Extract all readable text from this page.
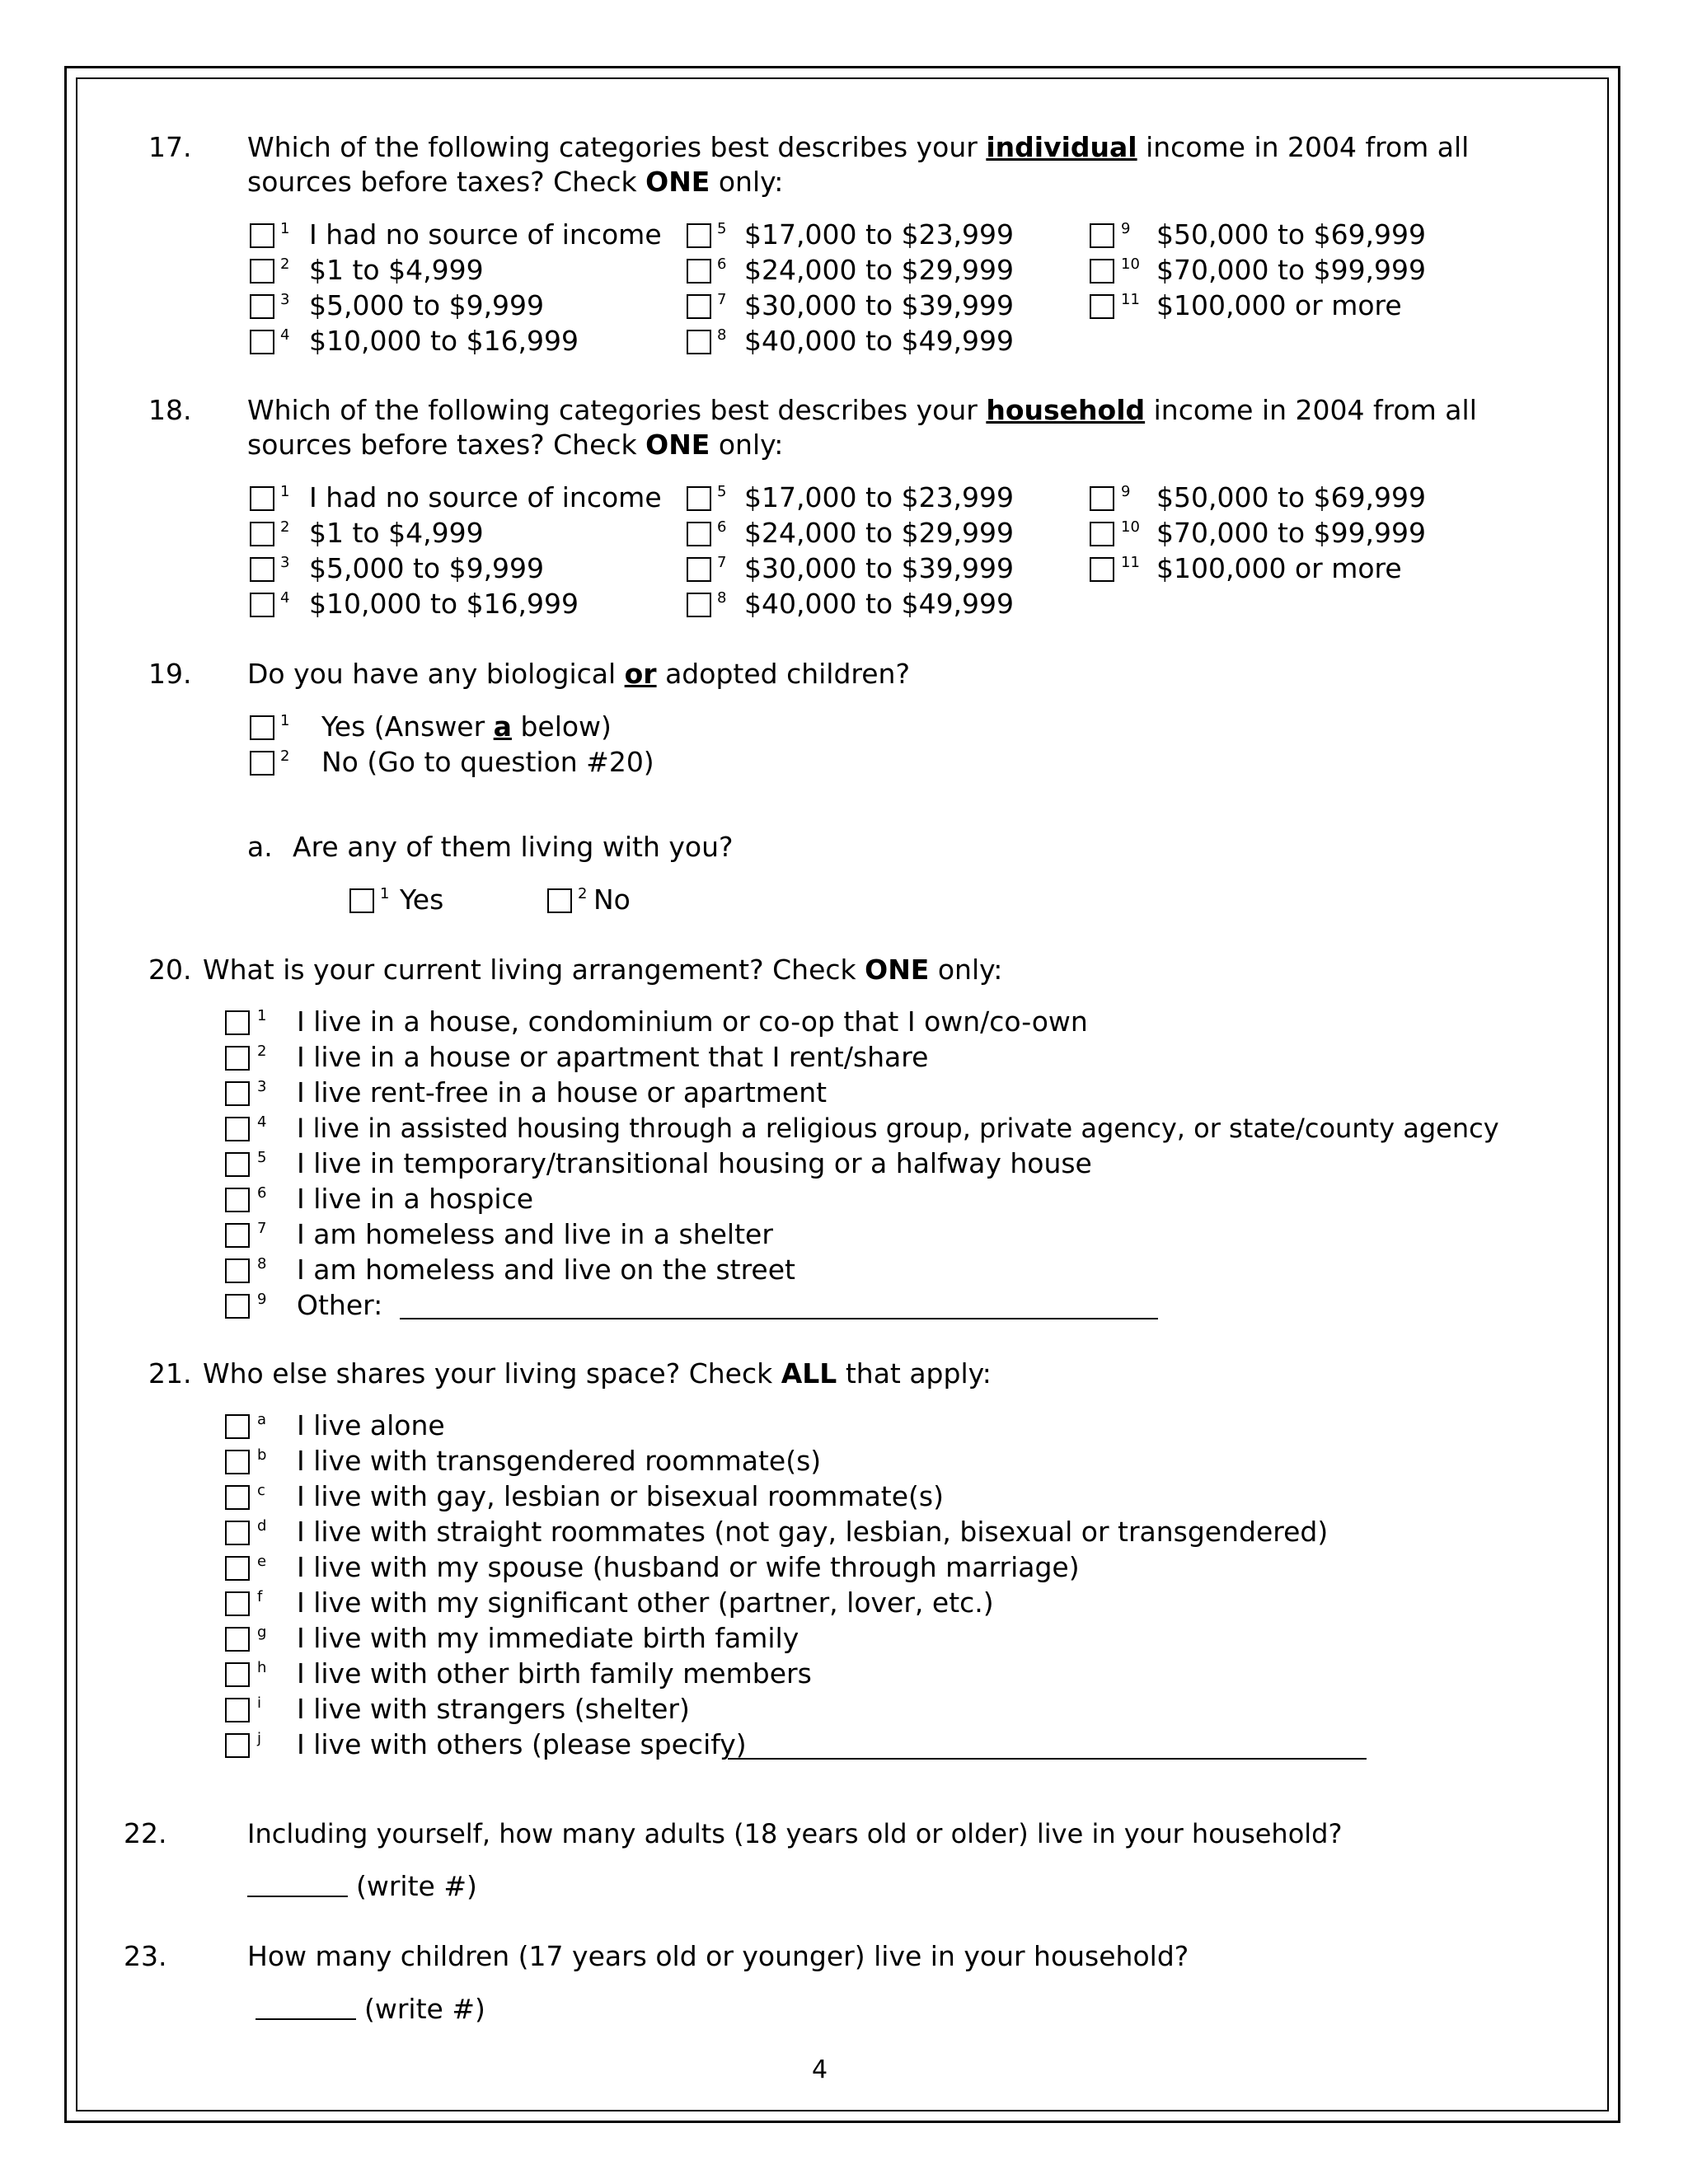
17. Which of the following categories best describes your individual income in 2004 from all
sources before taxes? Check ONE only:
1 I had no source of income
2 $1 to $4,999
3 $5,000 to $9,999
4 $10,000 to $16,999
5 $17,000 to $23,999
6 $24,000 to $29,999
7 $30,000 to $39,999
8 $40,000 to $49,999
9 $50,000 to $69,999
10 $70,000 to $99,999
11 $100,000 or more
18. Which of the following categories best describes your household income in 2004 from all
sources before taxes? Check ONE only:
1 I had no source of income
2 $1 to $4,999
3 $5,000 to $9,999
4 $10,000 to $16,999
5 $17,000 to $23,999
6 $24,000 to $29,999
7 $30,000 to $39,999
8 $40,000 to $49,999
9 $50,000 to $69,999
10 $70,000 to $99,999
11 $100,000 or more
19. Do you have any biological or adopted children?
1 Yes (Answer a below)
2 No (Go to question #20)
a. Are any of them living with you?
1 Yes	2 No
20. What is your current living arrangement? Check ONE only:
1 I live in a house, condominium or co-op that I own/co-own
2 I live in a house or apartment that I rent/share
3 I live rent-free in a house or apartment
4 I live in assisted housing through a religious group, private agency, or state/county agency
5 I live in temporary/transitional housing or a halfway house
6 I live in a hospice
7 I am homeless and live in a shelter
8 I am homeless and live on the street
9 Other:
21. Who else shares your living space? Check ALL that apply:
a I live alone
b I live with transgendered roommate(s)
c I live with gay, lesbian or bisexual roommate(s)
d I live with straight roommates (not gay, lesbian, bisexual or transgendered)
e I live with my spouse (husband or wife through marriage)
f I live with my significant other (partner, lover, etc.)
g I live with my immediate birth family
h I live with other birth family members
i I live with strangers (shelter)
j I live with others (please specify)
22.	Including yourself, how many adults (18 years old or older) live in your household?
(write #)
23.	How many children (17 years old or younger) live in your household?
(write #)
4
